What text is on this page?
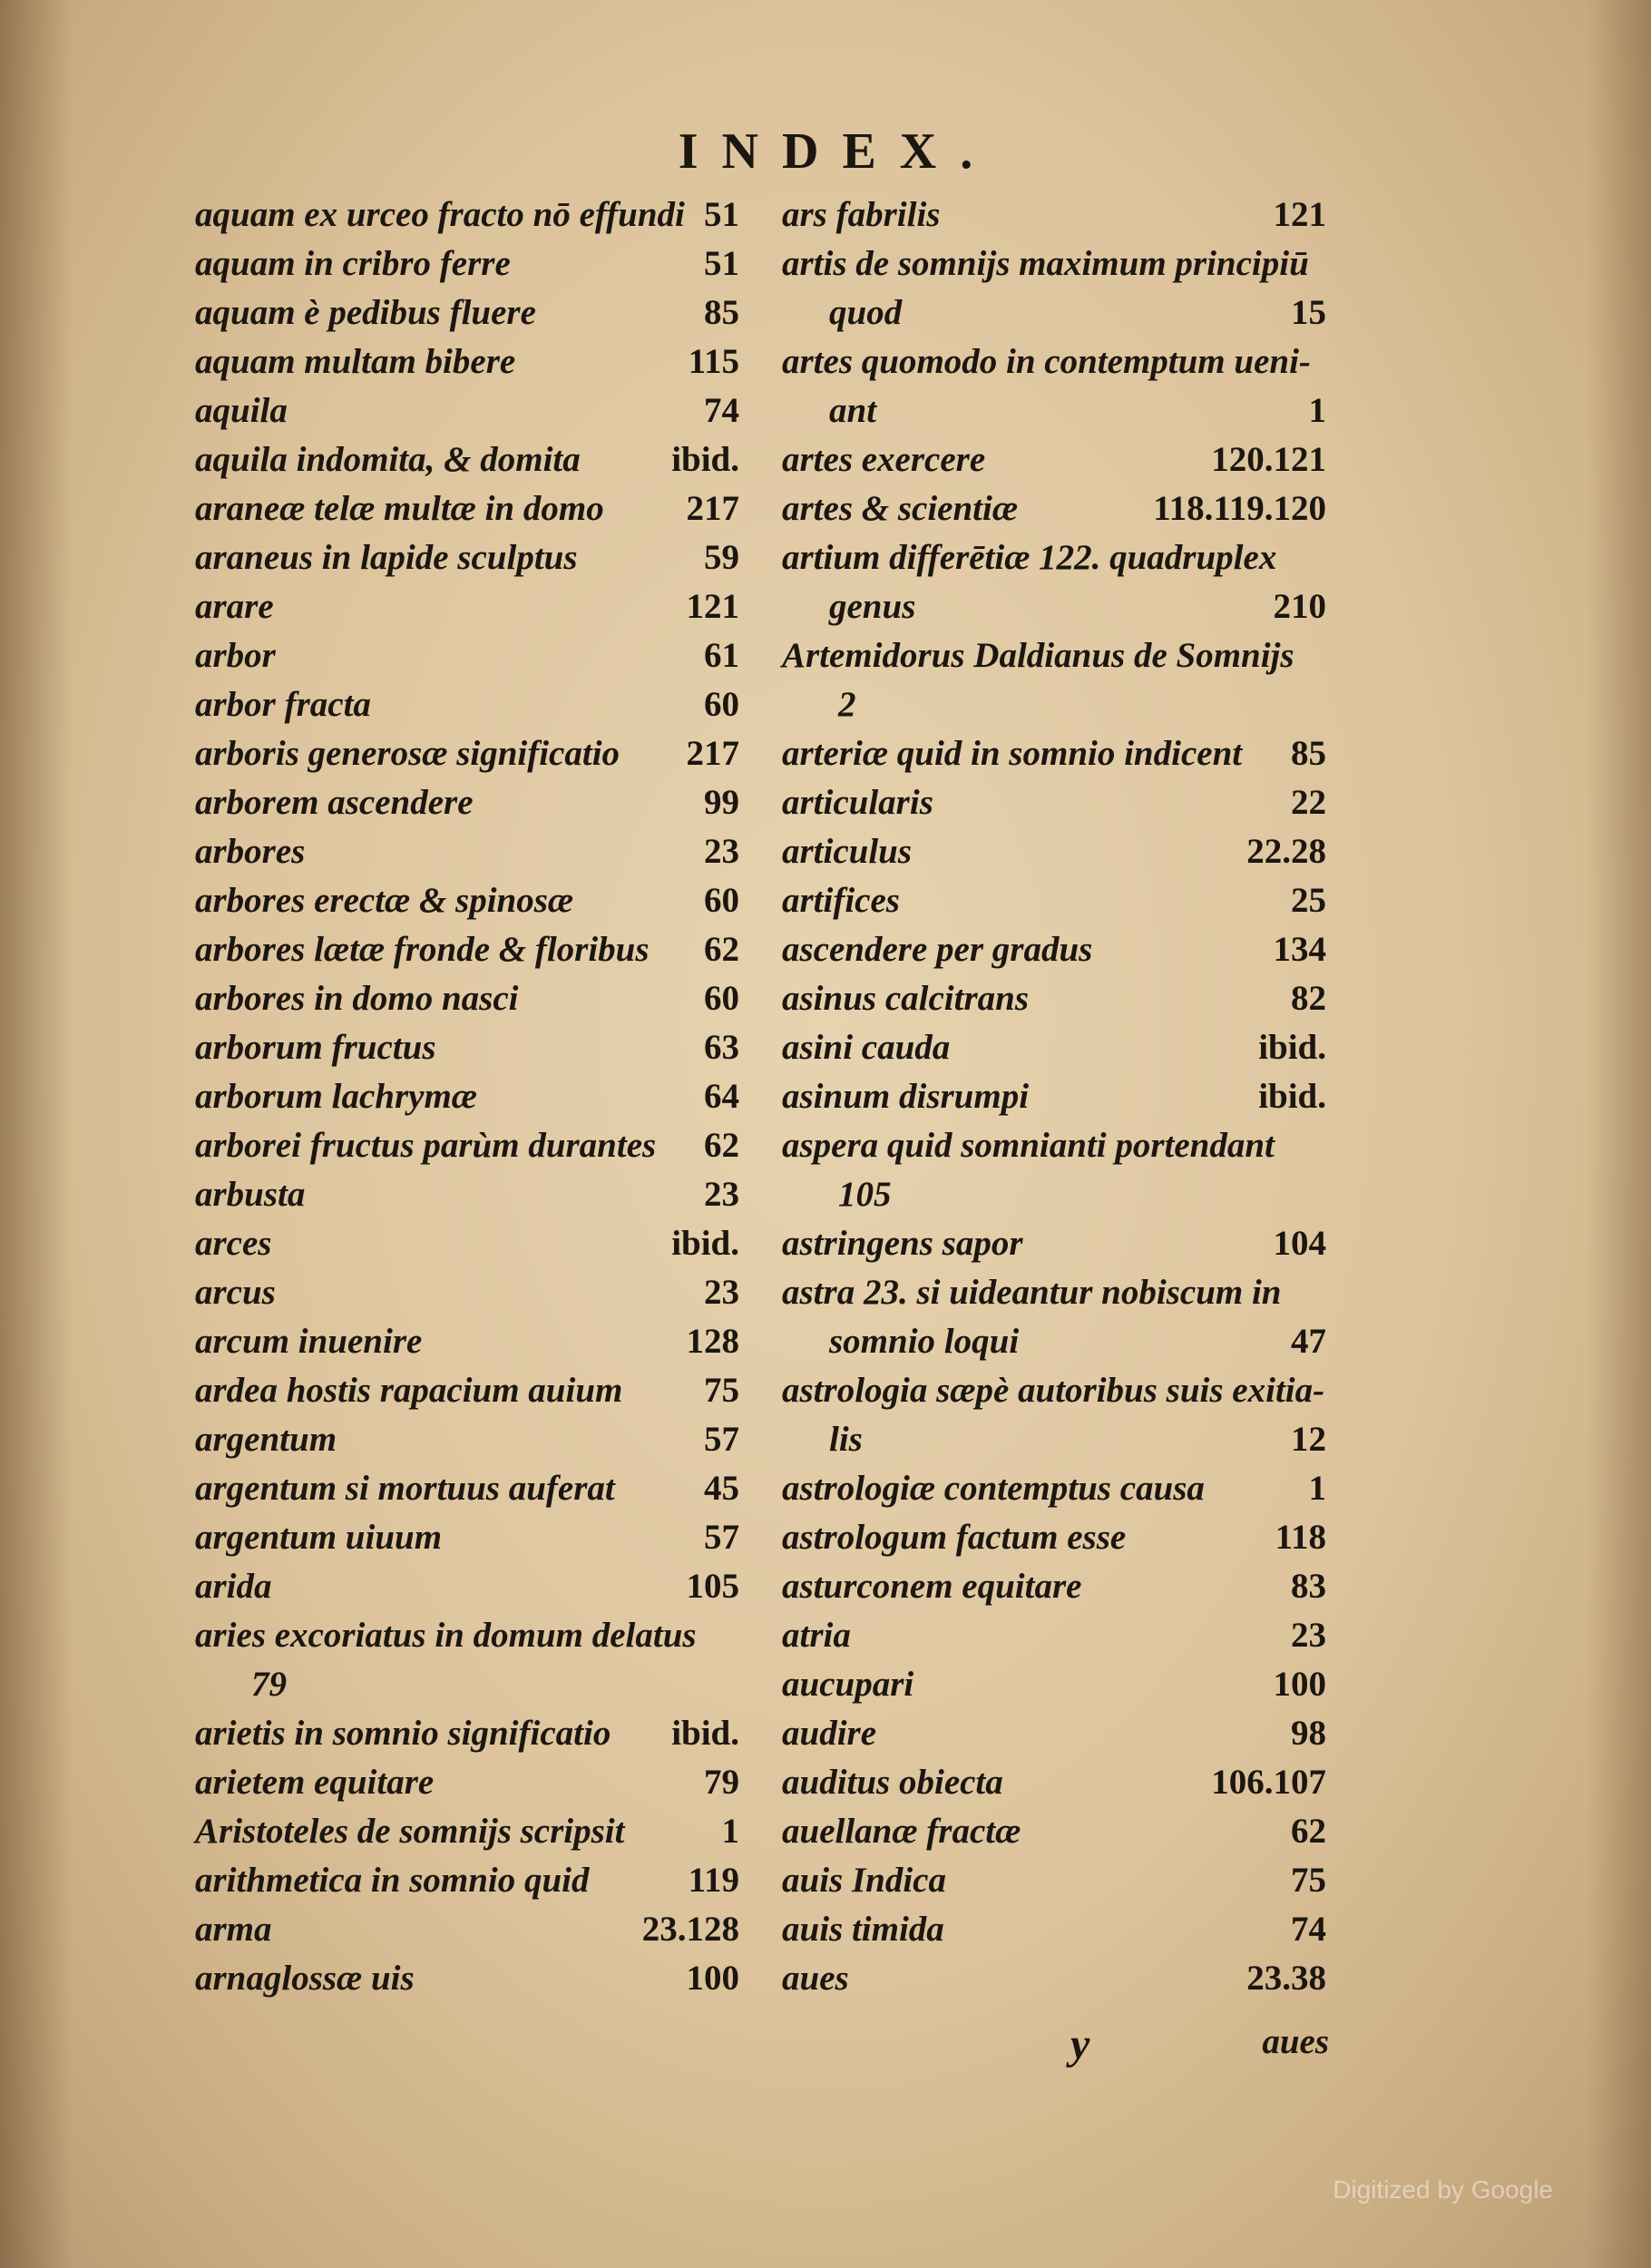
INDEX.
aquam ex urceo fracto nō effundi 51
aquam in cribro ferre	51
aquam è pedibus fluere	85
aquam multam bibere	115
aquila	74
aquila indomita, & domita	ibid.
araneæ telæ multæ in domo 217
araneus in lapide sculptus	59
arare	121
arbor	61
arbor fracta	60
arboris generosæ significatio 217
arborem ascendere	99
arbores	23
arbores erectæ & spinosæ	60
arbores lætæ fronde & floribus 62
arbores in domo nasci	60
arborum fructus	63
arborum lachrymæ	64
arborei fructus parùm durantes 62
arbusta	23
arces	ibid.
arcus	23
arcum inuenire	128
ardea hostis rapacium auium 75
argentum	57
argentum si mortuus auferat	45
argentum uiuum	57
arida	105
aries excoriatus in domum delatus
79
arietis in somnio significatio ibid.
arietem equitare	79
Aristoteles de somnijs scripsit	1
arithmetica in somnio quid	119
arma	23.128
arnaglossæ uis	100
ars fabrilis	121
artis de somnijs maximum principiū
quod	15
artes quomodo in contemptum ueni-
ant	1
artes exercere	120.121
artes & scientiæ	118.119.120
artium differētiæ 122. quadruplex
genus	210
Artemidorus Daldianus de Somnijs
2
arteriæ quid in somnio indicent 85
articularis	22
articulus	22.28
artifices	25
ascendere per gradus	134
asinus calcitrans	82
asini cauda	ibid.
asinum disrumpi	ibid.
aspera quid somnianti portendant
105
astringens sapor	104
astra 23. si uideantur nobiscum in
somnio loqui	47
astrologia sæpè autoribus suis exitia-
lis	12
astrologiæ contemptus causa	1
astrologum factum esse	118
asturconem equitare	83
atria	23
aucupari	100
audire	98
auditus obiecta	106.107
auellanæ fractæ	62
auis Indica	75
auis timida	74
aues	23.38
y	aues
Digitized by Google
